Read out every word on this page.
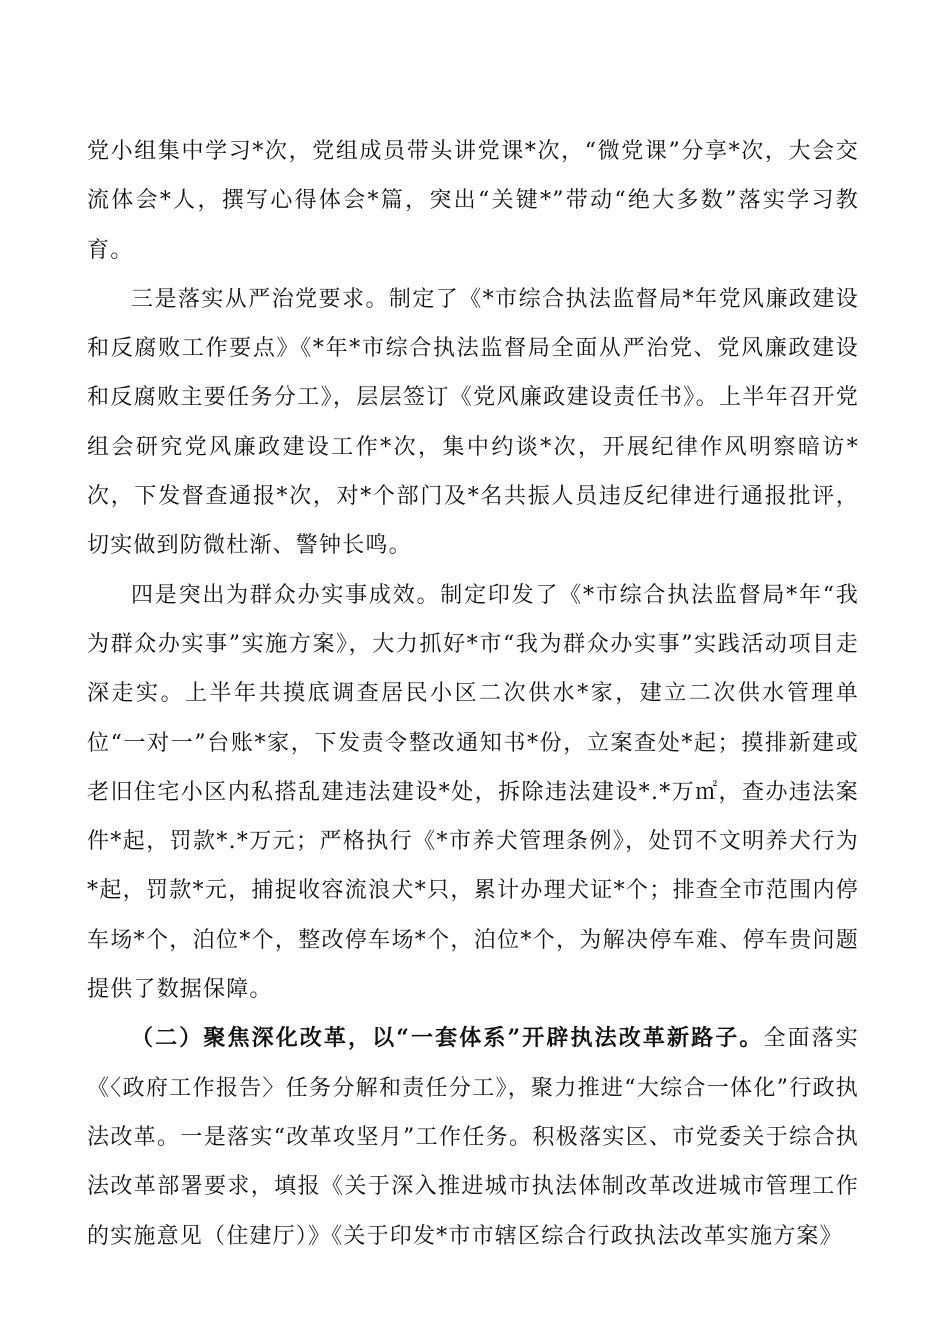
党小组集中学习*次，党组成员带头讲党课*次，“微党课”分享*次，大会交流体会*人，撰写心得体会*篇，突出“关键*”带动“绝大多数”落实学习教育。

三是落实从严治党要求。制定了《*市综合执法监督局*年党风廉政建设和反腐败工作要点》《*年*市综合执法监督局全面从严治党、党风廉政建设和反腐败主要任务分工》，层层签订《党风廉政建设责任书》。上半年召开党组会研究党风廉政建设工作*次，集中约谈*次，开展纪律作风明察暗访*次，下发督查通报*次，对*个部门及*名共振人员违反纪律进行通报批评，切实做到防微杜渐、警钟长鸣。

四是突出为群众办实事成效。制定印发了《*市综合执法监督局*年“我为群众办实事”实施方案》，大力抓好*市“我为群众办实事”实践活动项目走深走实。上半年共摸底调查居民小区二次供水*家，建立二次供水管理单位“一对一”台账*家，下发责令整改通知书*份，立案查处*起；摸排新建或老旧住宅小区内私搭乱建违法建设*处，拆除违法建设*.*万㎡，查办违法案件*起，罚款*.*万元；严格执行《*市养犬管理条例》，处罚不文明养犬行为*起，罚款*元，捕捉收容流浪犬*只，累计办理犬证*个；排查全市范围内停车场*个，泊位*个，整改停车场*个，泊位*个，为解决停车难、停车贵问题提供了数据保障。

（二）聚焦深化改革，以“一套体系”开辟执法改革新路子。全面落实《〈政府工作报告〉任务分解和责任分工》，聚力推进“大综合一体化”行政执法改革。一是落实“改革攻坚月”工作任务。积极落实区、市党委关于综合执法改革部署要求，填报《关于深入推进城市执法体制改革改进城市管理工作的实施意见（住建厅）》《关于印发*市市辖区综合行政执法改革实施方案》
